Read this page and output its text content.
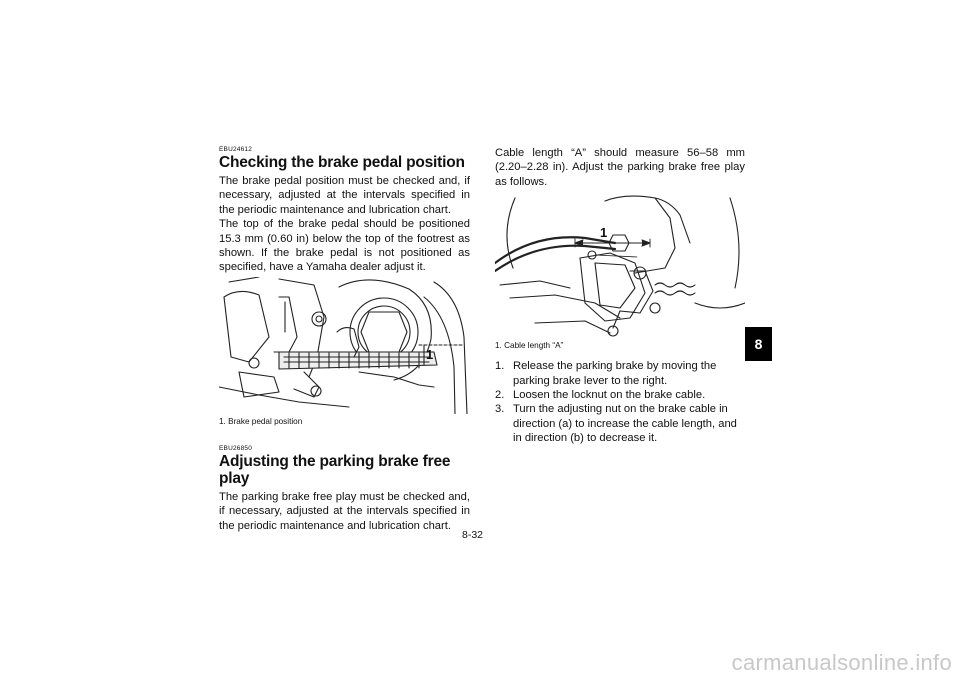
EBU24612

Checking the brake pedal position

The brake pedal position must be checked and, if necessary, adjusted at the intervals specified in the periodic maintenance and lubrication chart.

The top of the brake pedal should be positioned 15.3 mm (0.60 in) below the top of the footrest as shown. If the brake pedal is not positioned as specified, have a Yamaha dealer adjust it.

1

1. Brake pedal position

EBU26850

Adjusting the parking brake free play

The parking brake free play must be checked and, if necessary, adjusted at the intervals specified in the periodic maintenance and lubrication chart.

Cable length “A” should measure 56–58 mm (2.20–2.28 in). Adjust the parking brake free play as follows.

1

1. Cable length “A”

1. Release the parking brake by moving the parking brake lever to the right.
2. Loosen the locknut on the brake cable.
3. Turn the adjusting nut on the brake cable in direction (a) to increase the cable length, and in direction (b) to decrease it.
8-32
8
carmanualsonline.info
